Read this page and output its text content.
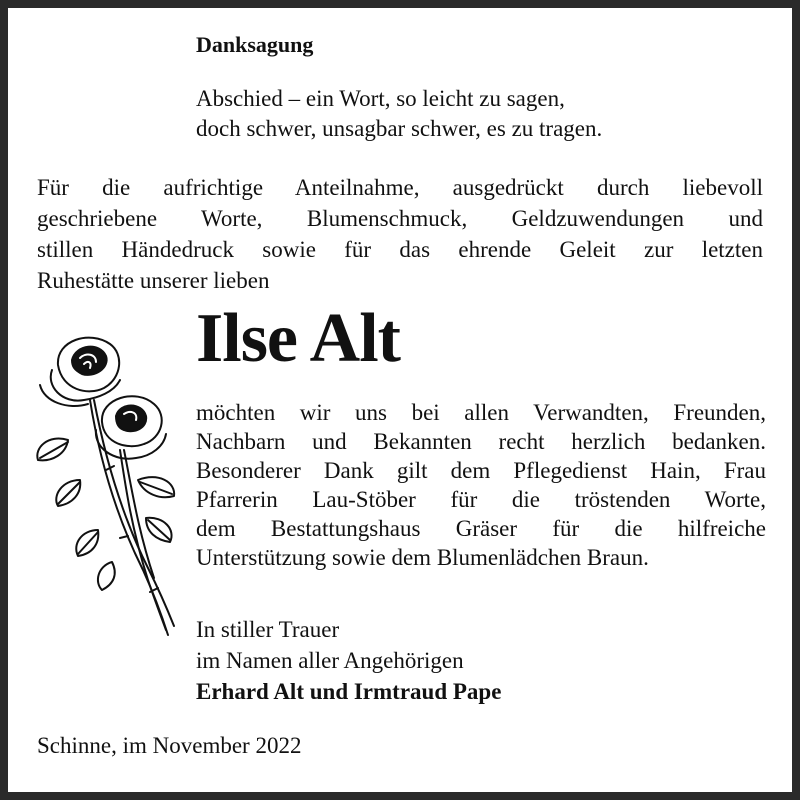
Danksagung
Abschied – ein Wort, so leicht zu sagen,
doch schwer, unsagbar schwer, es zu tragen.
Für die aufrichtige Anteilnahme, ausgedrückt durch liebevoll
geschriebene Worte, Blumenschmuck, Geldzuwendungen und
stillen Händedruck sowie für das ehrende Geleit zur letzten
Ruhestätte unserer lieben
Ilse Alt
möchten wir uns bei allen Verwandten, Freunden,
Nachbarn und Bekannten recht herzlich bedanken.
Besonderer Dank gilt dem Pflegedienst Hain, Frau
Pfarrerin Lau-Stöber für die tröstenden Worte,
dem Bestattungshaus Gräser für die hilfreiche
Unterstützung sowie dem Blumenlädchen Braun.
In stiller Trauer
im Namen aller Angehörigen
Erhard Alt und Irmtraud Pape
Schinne, im November 2022
